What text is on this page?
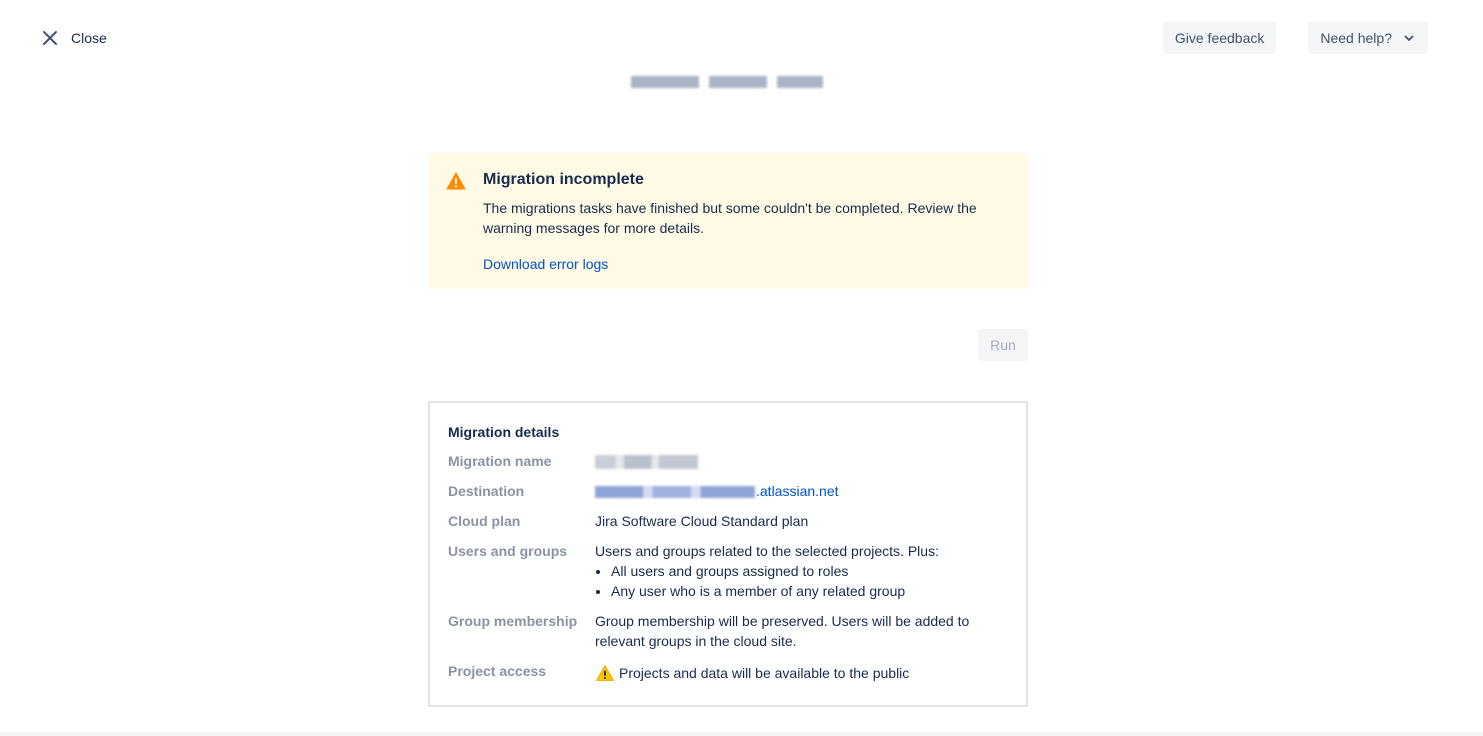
Close	Give feedback	Need help?
Migration incomplete

The migrations tasks have finished but some couldn't be completed. Review the warning messages for more details.

Download error logs
Run
Migration details
Migration name
Destination	.atlassian.net
Cloud plan	Jira Software Cloud Standard plan
Users and groups	Users and groups related to the selected projects. Plus:
• All users and groups assigned to roles
• Any user who is a member of any related group
Group membership	Group membership will be preserved. Users will be added to relevant groups in the cloud site.
Project access	Projects and data will be available to the public
